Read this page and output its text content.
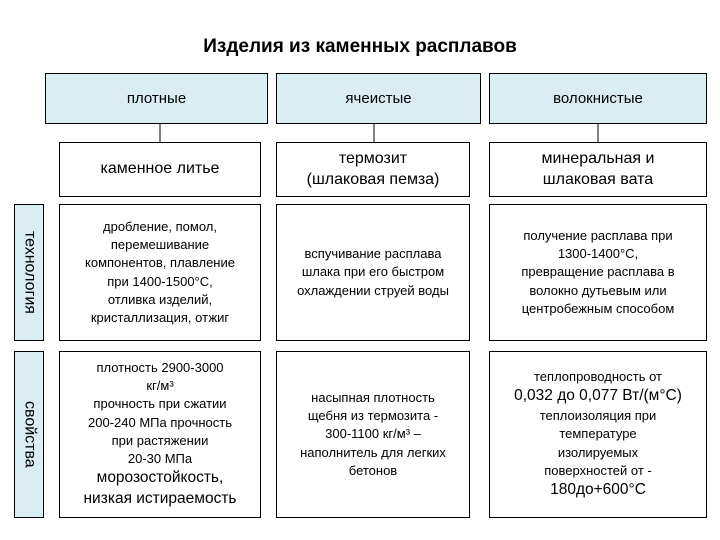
Изделия из каменных расплавов
плотные	ячеистые	волокнистые
каменное литье
термозит
(шлаковая пемза)
минеральная и
шлаковая вата
технология
свойства
дробление, помол,
перемешивание
компонентов, плавление
при 1400-1500°С,
отливка изделий,
кристаллизация, отжиг
вспучивание расплава
шлака при его быстром
охлаждении струей воды
получение расплава при
1300-1400°С,
превращение расплава в
волокно дутьевым или
центробежным способом
плотность 2900-3000
кг/м³
прочность при сжатии
200-240 МПа прочность
при растяжении
20-30 МПа
морозостойкость,
низкая истираемость
насыпная плотность
щебня из термозита -
300-1100 кг/м³ –
наполнитель для легких
бетонов
теплопроводность от
0,032 до 0,077 Вт/(м°С)
теплоизоляция при
температуре
изолируемых
поверхностей от -
180до+600°С
